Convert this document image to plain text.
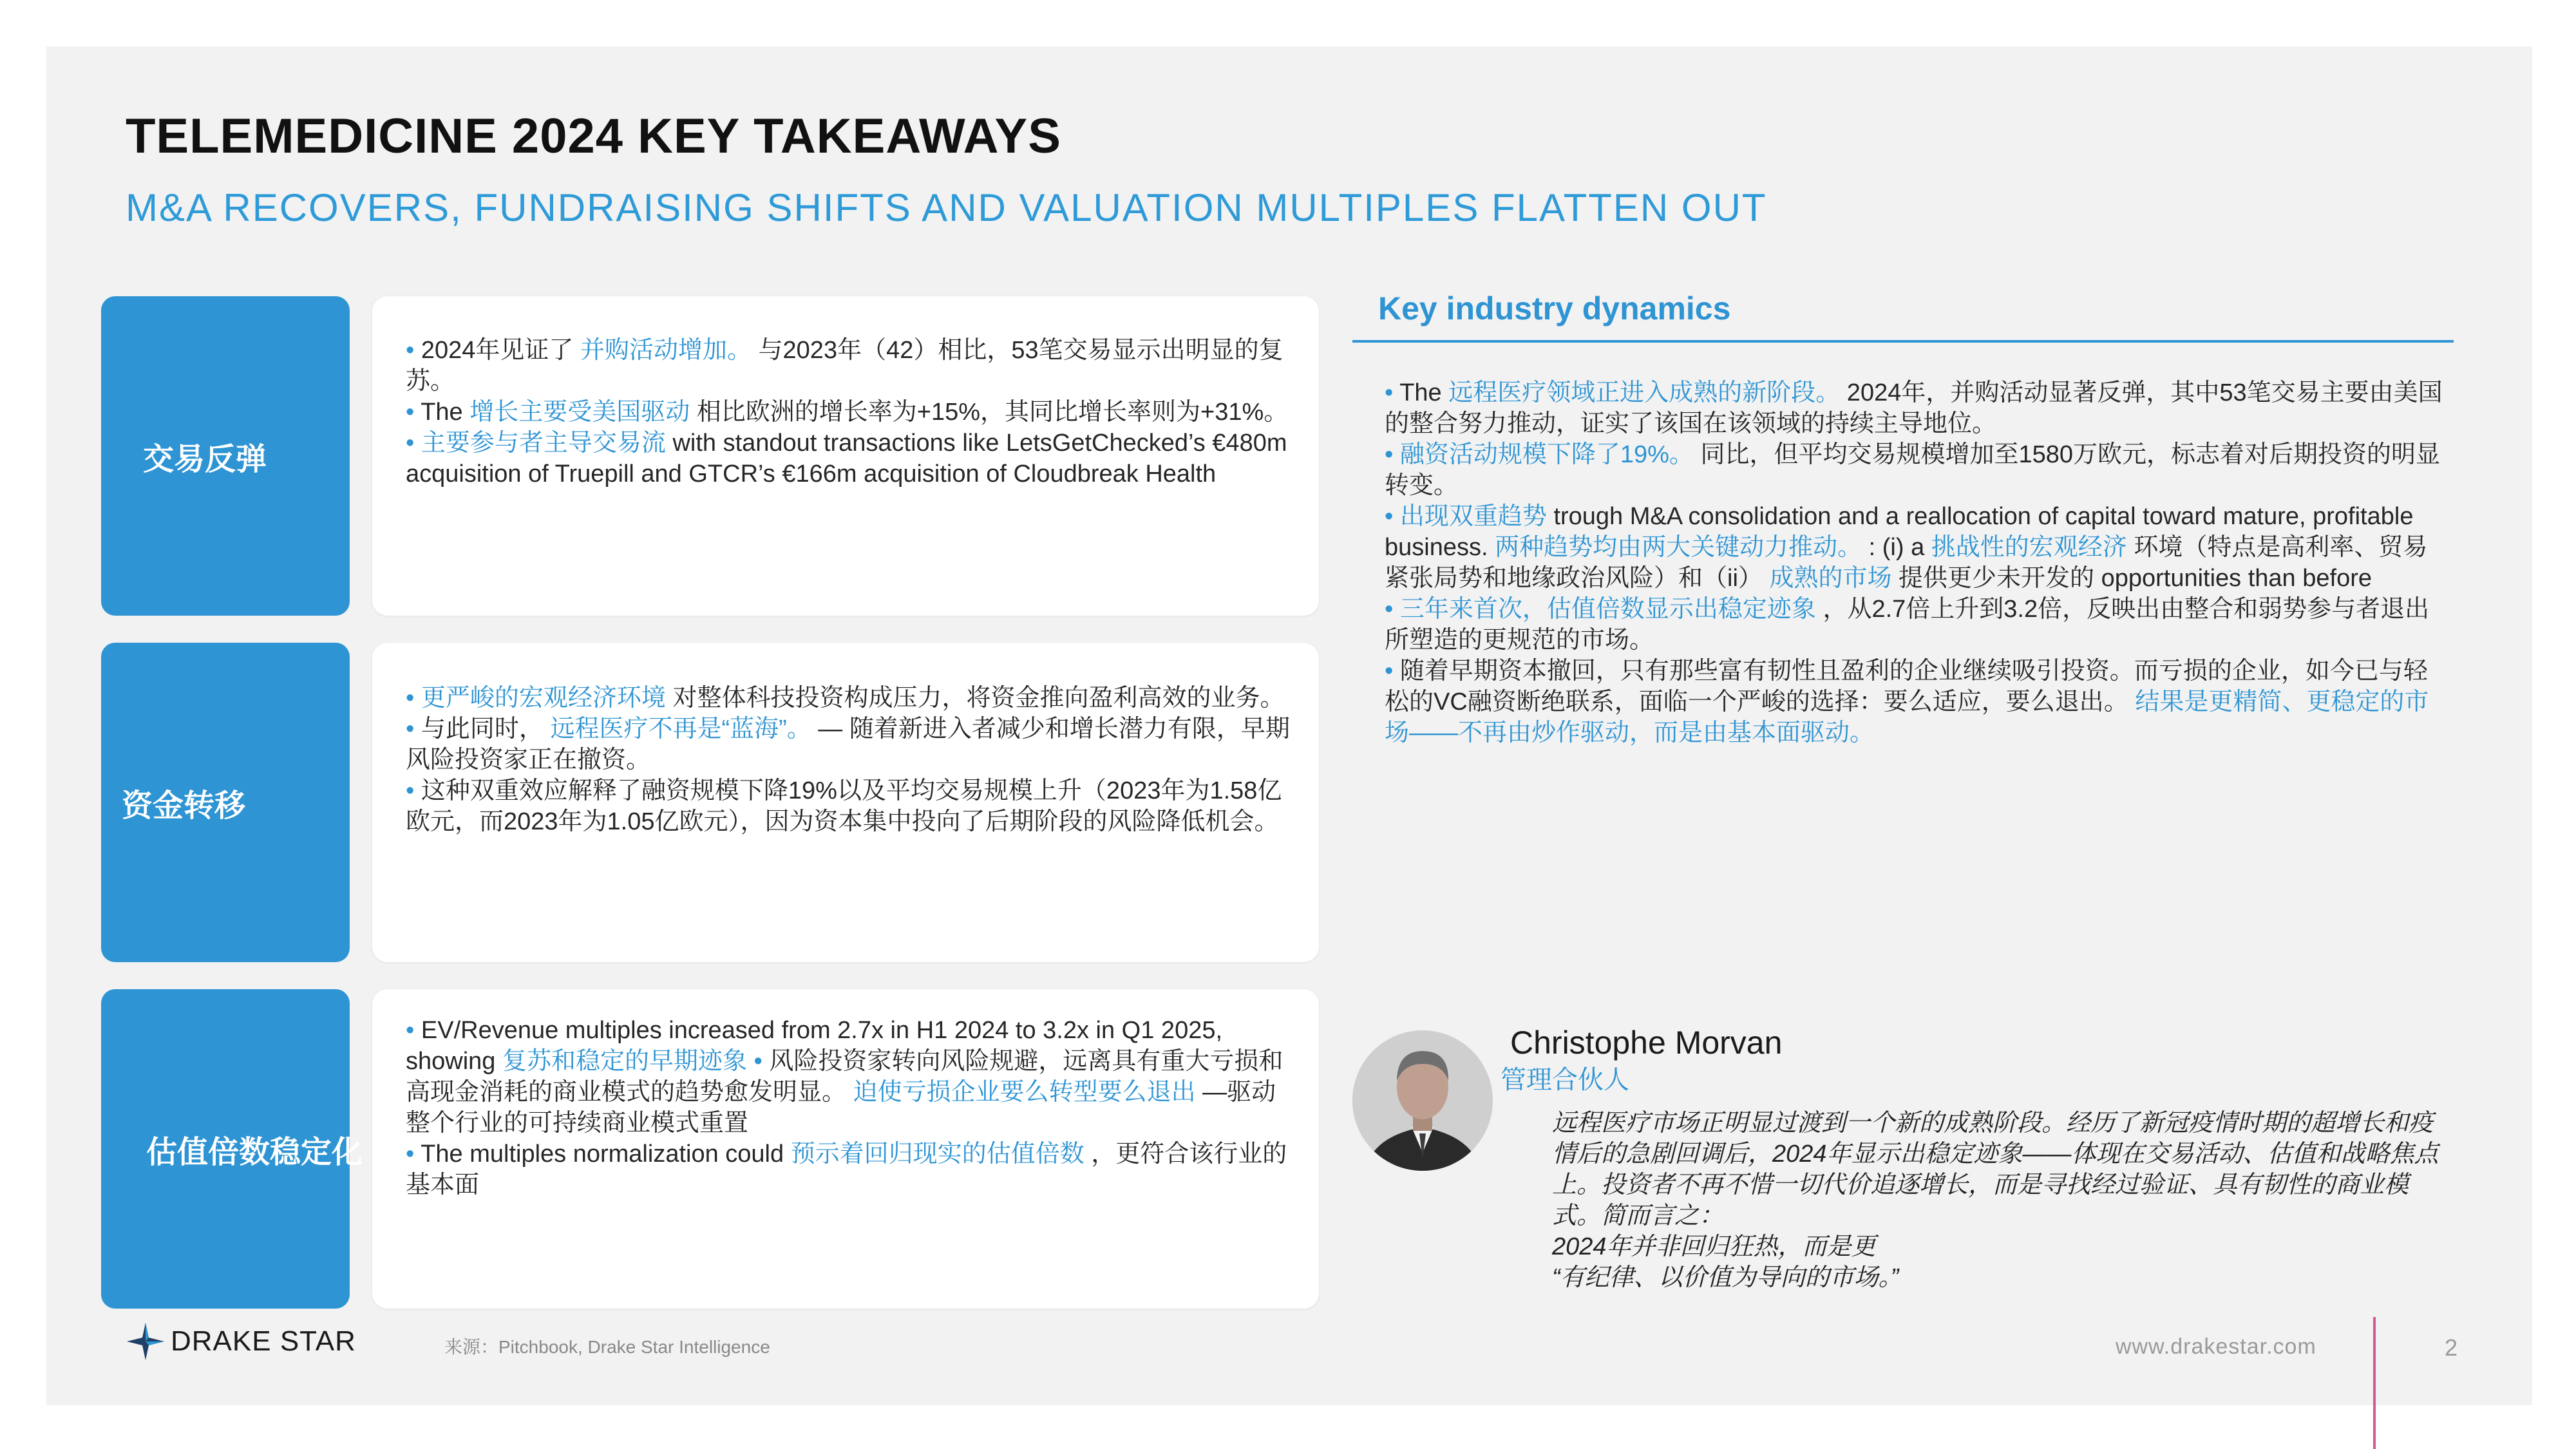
TELEMEDICINE 2024 KEY TAKEAWAYS
M&A RECOVERS, FUNDRAISING SHIFTS AND VALUATION MULTIPLES FLATTEN OUT
交易反弹
• 2024年见证了 并购活动增加。 与2023年（42）相比，53笔交易显示出明显的复苏。
• The 增长主要受美国驱动 相比欧洲的增长率为+15%，其同比增长率则为+31%。
• 主要参与者主导交易流 with standout transactions like LetsGetChecked’s €480m acquisition of Truepill and GTCR’s €166m acquisition of Cloudbreak Health
资金转移
• 更严峻的宏观经济环境 对整体科技投资构成压力，将资金推向盈利高效的业务。
• 与此同时， 远程医疗不再是“蓝海”。 — 随着新进入者减少和增长潜力有限，早期风险投资家正在撤资。
• 这种双重效应解释了融资规模下降19%以及平均交易规模上升（2023年为1.58亿欧元，而2023年为1.05亿欧元），因为资本集中投向了后期阶段的风险降低机会。
估值倍数稳定化
• EV/Revenue multiples increased from 2.7x in H1 2024 to 3.2x in Q1 2025, showing 复苏和稳定的早期迹象 • 风险投资家转向风险规避，远离具有重大亏损和高现金消耗的商业模式的趋势愈发明显。 迫使亏损企业要么转型要么退出 —驱动整个行业的可持续商业模式重置
• The multiples normalization could 预示着回归现实的估值倍数 ，更符合该行业的基本面
Key industry dynamics
• The 远程医疗领域正进入成熟的新阶段。 2024年，并购活动显著反弹，其中53笔交易主要由美国的整合努力推动，证实了该国在该领域的持续主导地位。
• 融资活动规模下降了19%。 同比，但平均交易规模增加至1580万欧元，标志着对后期投资的明显转变。
• 出现双重趋势 trough M&A consolidation and a reallocation of capital toward mature, profitable business. 两种趋势均由两大关键动力推动。 : (i) a 挑战性的宏观经济 环境（特点是高利率、贸易紧张局势和地缘政治风险）和（ii） 成熟的市场 提供更少未开发的 opportunities than before
• 三年来首次，估值倍数显示出稳定迹象 ，从2.7倍上升到3.2倍，反映出由整合和弱势参与者退出所塑造的更规范的市场。
• 随着早期资本撤回，只有那些富有韧性且盈利的企业继续吸引投资。而亏损的企业，如今已与轻松的VC融资断绝联系，面临一个严峻的选择：要么适应，要么退出。 结果是更精简、更稳定的市场——不再由炒作驱动，而是由基本面驱动。
Christophe Morvan
管理合伙人
远程医疗市场正明显过渡到一个新的成熟阶段。经历了新冠疫情时期的超增长和疫情后的急剧回调后，2024年显示出稳定迹象——体现在交易活动、估值和战略焦点上。投资者不再不惜一切代价追逐增长，而是寻找经过验证、具有韧性的商业模式。简而言之：
2024年并非回归狂热，而是更
“有纪律、以价值为导向的市场。”
DRAKE STAR	来源：Pitchbook, Drake Star Intelligence	www.drakestar.com	2
